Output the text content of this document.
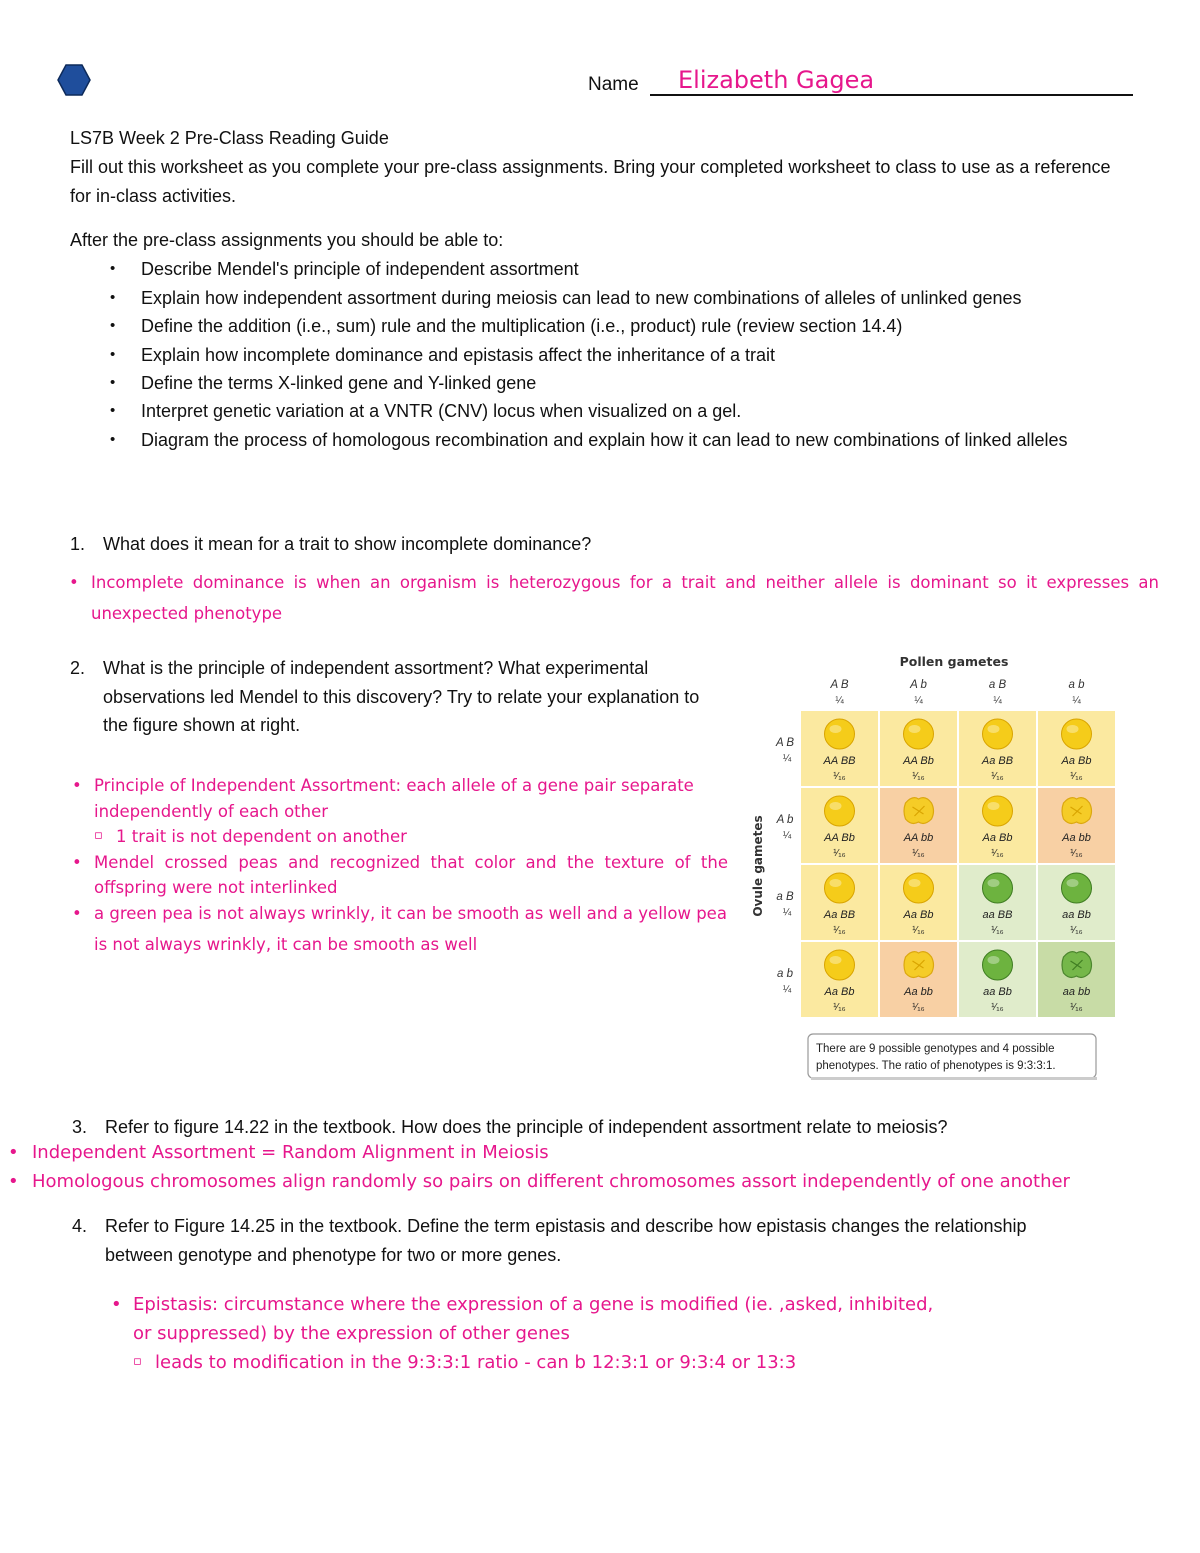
Name Elizabeth Gagea
LS7B Week 2 Pre-Class Reading Guide
Fill out this worksheet as you complete your pre-class assignments. Bring your completed worksheet to class to use as a reference for in-class activities.
After the pre-class assignments you should be able to:
• Describe Mendel's principle of independent assortment
• Explain how independent assortment during meiosis can lead to new combinations of alleles of unlinked genes
• Define the addition (i.e., sum) rule and the multiplication (i.e., product) rule (review section 14.4)
• Explain how incomplete dominance and epistasis affect the inheritance of a trait
• Define the terms X-linked gene and Y-linked gene
• Interpret genetic variation at a VNTR (CNV) locus when visualized on a gel.
• Diagram the process of homologous recombination and explain how it can lead to new combinations of linked alleles
1. What does it mean for a trait to show incomplete dominance?
• Incomplete dominance is when an organism is heterozygous for a trait and neither allele is dominant so it expresses an unexpected phenotype
2. What is the principle of independent assortment? What experimental observations led Mendel to this discovery? Try to relate your explanation to the figure shown at right.
• Principle of Independent Assortment: each allele of a gene pair separate independently of each other
▫ 1 trait is not dependent on another
• Mendel crossed peas and recognized that color and the texture of the offspring were not interlinked
• a green pea is not always wrinkly, it can be smooth as well and a yellow pea is not always wrinkly, it can be smooth as well
Pollen gametes
Ovule gametes
A B
¼
A b
¼
a B
¼
a b
¼
A B
¼
A b
¼
a B
¼
a b
¼
AA BB
¹⁄₁₆
AA Bb
¹⁄₁₆
Aa BB
¹⁄₁₆
Aa Bb
¹⁄₁₆
AA Bb
¹⁄₁₆
AA bb
¹⁄₁₆
Aa Bb
¹⁄₁₆
Aa bb
¹⁄₁₆
Aa BB
¹⁄₁₆
Aa Bb
¹⁄₁₆
aa BB
¹⁄₁₆
aa Bb
¹⁄₁₆
Aa Bb
¹⁄₁₆
Aa bb
¹⁄₁₆
aa Bb
¹⁄₁₆
aa bb
¹⁄₁₆
There are 9 possible genotypes and 4 possible
phenotypes. The ratio of phenotypes is 9:3:3:1.
3. Refer to figure 14.22 in the textbook. How does the principle of independent assortment relate to meiosis?
• Independent Assortment = Random Alignment in Meiosis
• Homologous chromosomes align randomly so pairs on different chromosomes assort independently of one another
4. Refer to Figure 14.25 in the textbook. Define the term epistasis and describe how epistasis changes the relationship between genotype and phenotype for two or more genes.
• Epistasis: circumstance where the expression of a gene is modified (ie. ,asked, inhibited, or suppressed) by the expression of other genes
▫ leads to modification in the 9:3:3:1 ratio - can b 12:3:1 or 9:3:4 or 13:3
